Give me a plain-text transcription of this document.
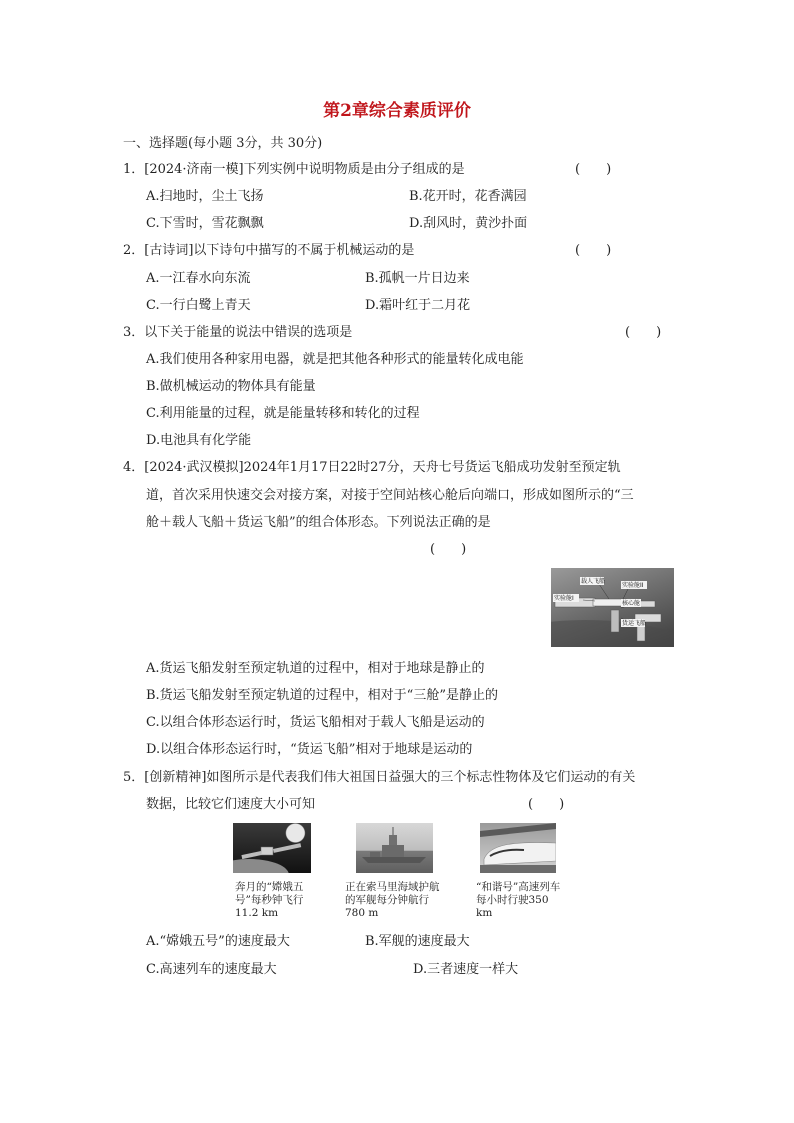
第2章综合素质评价
一、选择题(每小题 3分，共 30分)
1．[2024·济南一模]下列实例中说明物质是由分子组成的是	(　　)
A.扫地时，尘土飞扬	B.花开时，花香满园
C.下雪时，雪花飘飘	D.刮风时，黄沙扑面
2．[古诗词]以下诗句中描写的不属于机械运动的是	(　　)
A.一江春水向东流	B.孤帆一片日边来
C.一行白鹭上青天	D.霜叶红于二月花
3．以下关于能量的说法中错误的选项是	(　　)
A.我们使用各种家用电器，就是把其他各种形式的能量转化成电能
B.做机械运动的物体具有能量
C.利用能量的过程，就是能量转移和转化的过程
D.电池具有化学能
4．[2024·武汉模拟]2024年1月17日22时27分，天舟七号货运飞船成功发射至预定轨
道，首次采用快速交会对接方案，对接于空间站核心舱后向端口，形成如图所示的“三
舱＋载人飞船＋货运飞船”的组合体形态。下列说法正确的是
(　　)
载人飞船
实验舱I
实验舱II
核心舱
货运飞船
A.货运飞船发射至预定轨道的过程中，相对于地球是静止的
B.货运飞船发射至预定轨道的过程中，相对于“三舱”是静止的
C.以组合体形态运行时，货运飞船相对于载人飞船是运动的
D.以组合体形态运行时，“货运飞船”相对于地球是运动的
5．[创新精神]如图所示是代表我们伟大祖国日益强大的三个标志性物体及它们运动的有关
数据，比较它们速度大小可知	(　　)
奔月的“嫦娥五号”每秒钟飞行11.2 km
正在索马里海域护航的军舰每分钟航行780 m
“和谐号”高速列车每小时行驶350 km
A.“嫦娥五号”的速度最大	B.军舰的速度最大
C.高速列车的速度最大	D.三者速度一样大
